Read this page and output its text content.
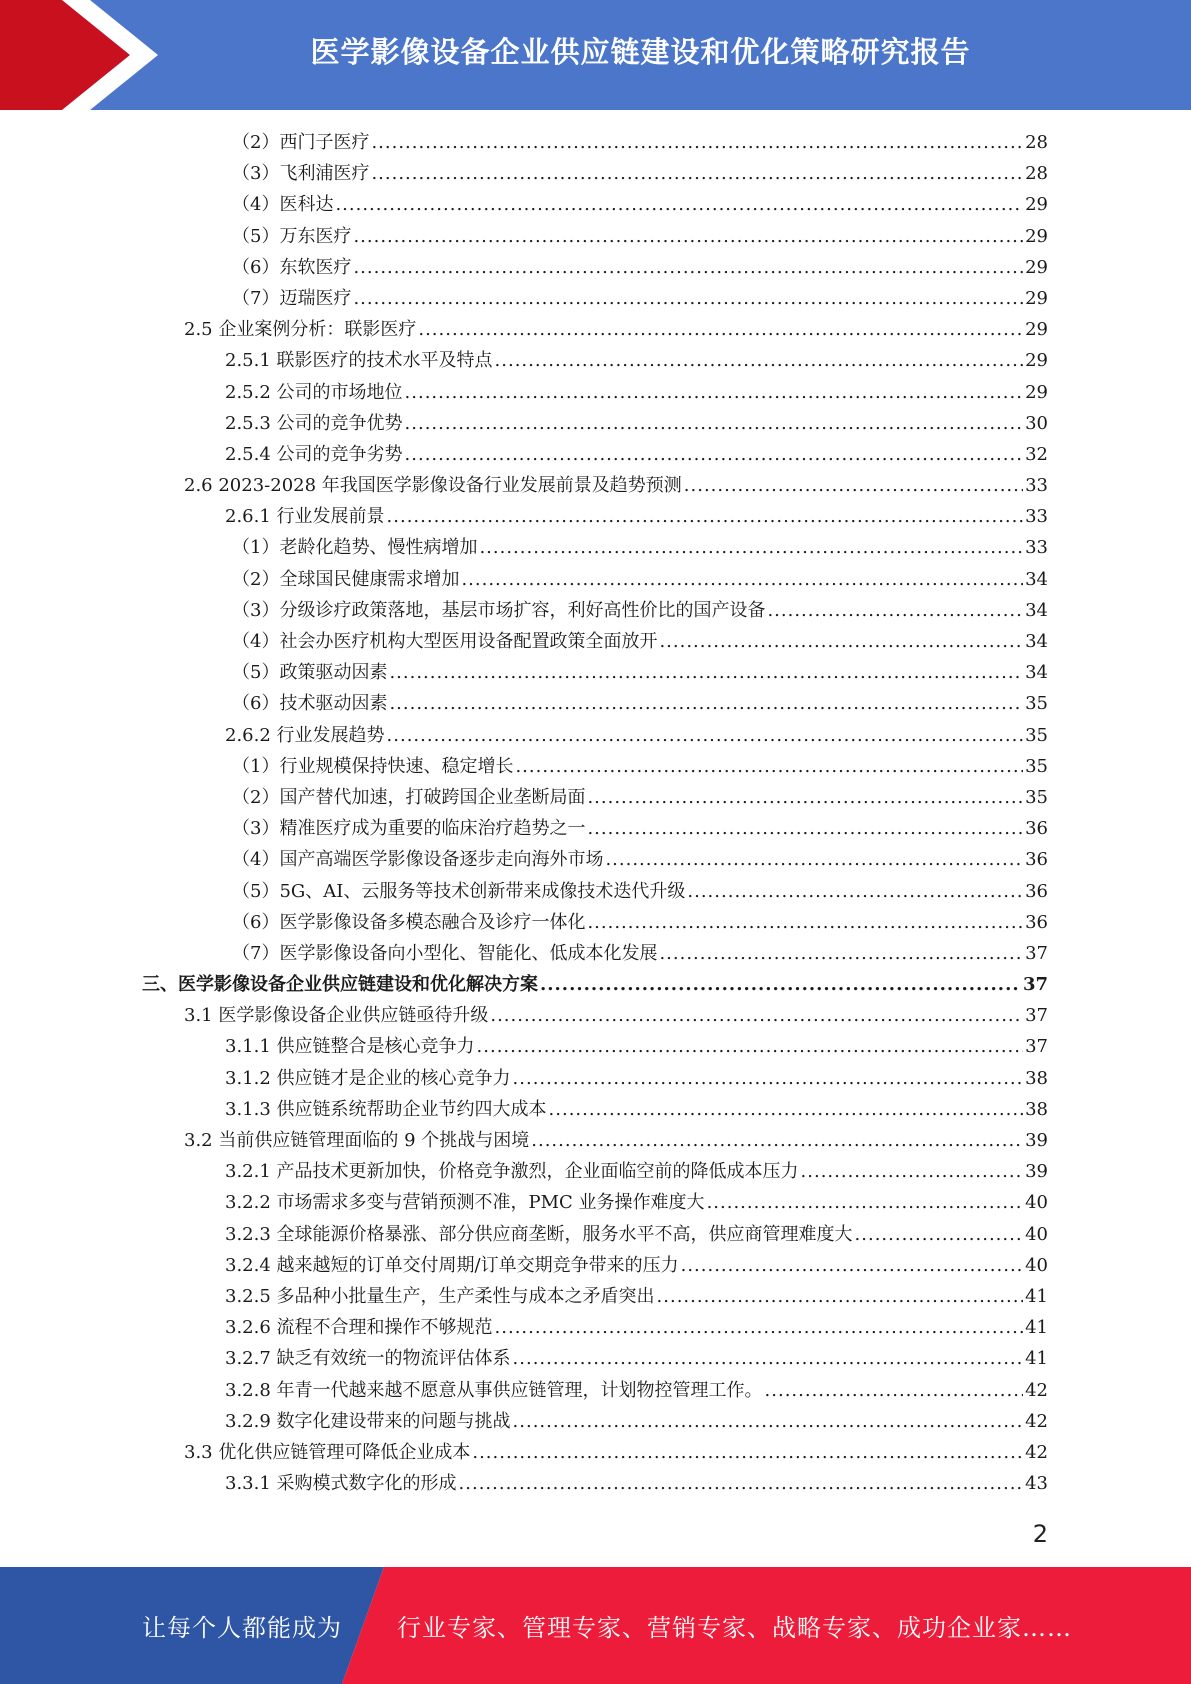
医学影像设备企业供应链建设和优化策略研究报告
（2）西门子医疗 .....	28
（3）飞利浦医疗 .....	28
（4）医科达 .....	29
（5）万东医疗 .....	29
（6）东软医疗 .....	29
（7）迈瑞医疗 .....	29
2.5 企业案例分析：联影医疗 .....	29
2.5.1 联影医疗的技术水平及特点 .....	29
2.5.2 公司的市场地位 .....	29
2.5.3 公司的竞争优势 .....	30
2.5.4 公司的竞争劣势 .....	32
2.6 2023-2028 年我国医学影像设备行业发展前景及趋势预测 .....	33
2.6.1 行业发展前景 .....	33
（1）老龄化趋势、慢性病增加 .....	33
（2）全球国民健康需求增加 .....	34
（3）分级诊疗政策落地，基层市场扩容，利好高性价比的国产设备 .....	34
（4）社会办医疗机构大型医用设备配置政策全面放开 .....	34
（5）政策驱动因素 .....	34
（6）技术驱动因素 .....	35
2.6.2 行业发展趋势 .....	35
（1）行业规模保持快速、稳定增长 .....	35
（2）国产替代加速，打破跨国企业垄断局面 .....	35
（3）精准医疗成为重要的临床治疗趋势之一 .....	36
（4）国产高端医学影像设备逐步走向海外市场 .....	36
（5）5G、AI、云服务等技术创新带来成像技术迭代升级 .....	36
（6）医学影像设备多模态融合及诊疗一体化 .....	36
（7）医学影像设备向小型化、智能化、低成本化发展 .....	37
三、医学影像设备企业供应链建设和优化解决方案 .....	37
3.1 医学影像设备企业供应链亟待升级 .....	37
3.1.1 供应链整合是核心竞争力 .....	37
3.1.2 供应链才是企业的核心竞争力 .....	38
3.1.3 供应链系统帮助企业节约四大成本 .....	38
3.2 当前供应链管理面临的 9 个挑战与困境 .....	39
3.2.1 产品技术更新加快，价格竞争激烈，企业面临空前的降低成本压力 .....	39
3.2.2 市场需求多变与营销预测不准，PMC 业务操作难度大 .....	40
3.2.3 全球能源价格暴涨、部分供应商垄断，服务水平不高，供应商管理难度大 .....	40
3.2.4 越来越短的订单交付周期/订单交期竞争带来的压力 .....	40
3.2.5 多品种小批量生产，生产柔性与成本之矛盾突出 .....	41
3.2.6 流程不合理和操作不够规范 .....	41
3.2.7 缺乏有效统一的物流评估体系 .....	41
3.2.8 年青一代越来越不愿意从事供应链管理，计划物控管理工作。 .....	42
3.2.9 数字化建设带来的问题与挑战 .....	42
3.3 优化供应链管理可降低企业成本 .....	42
3.3.1 采购模式数字化的形成 .....	43
2
让每个人都能成为 行业专家、管理专家、营销专家、战略专家、成功企业家……
